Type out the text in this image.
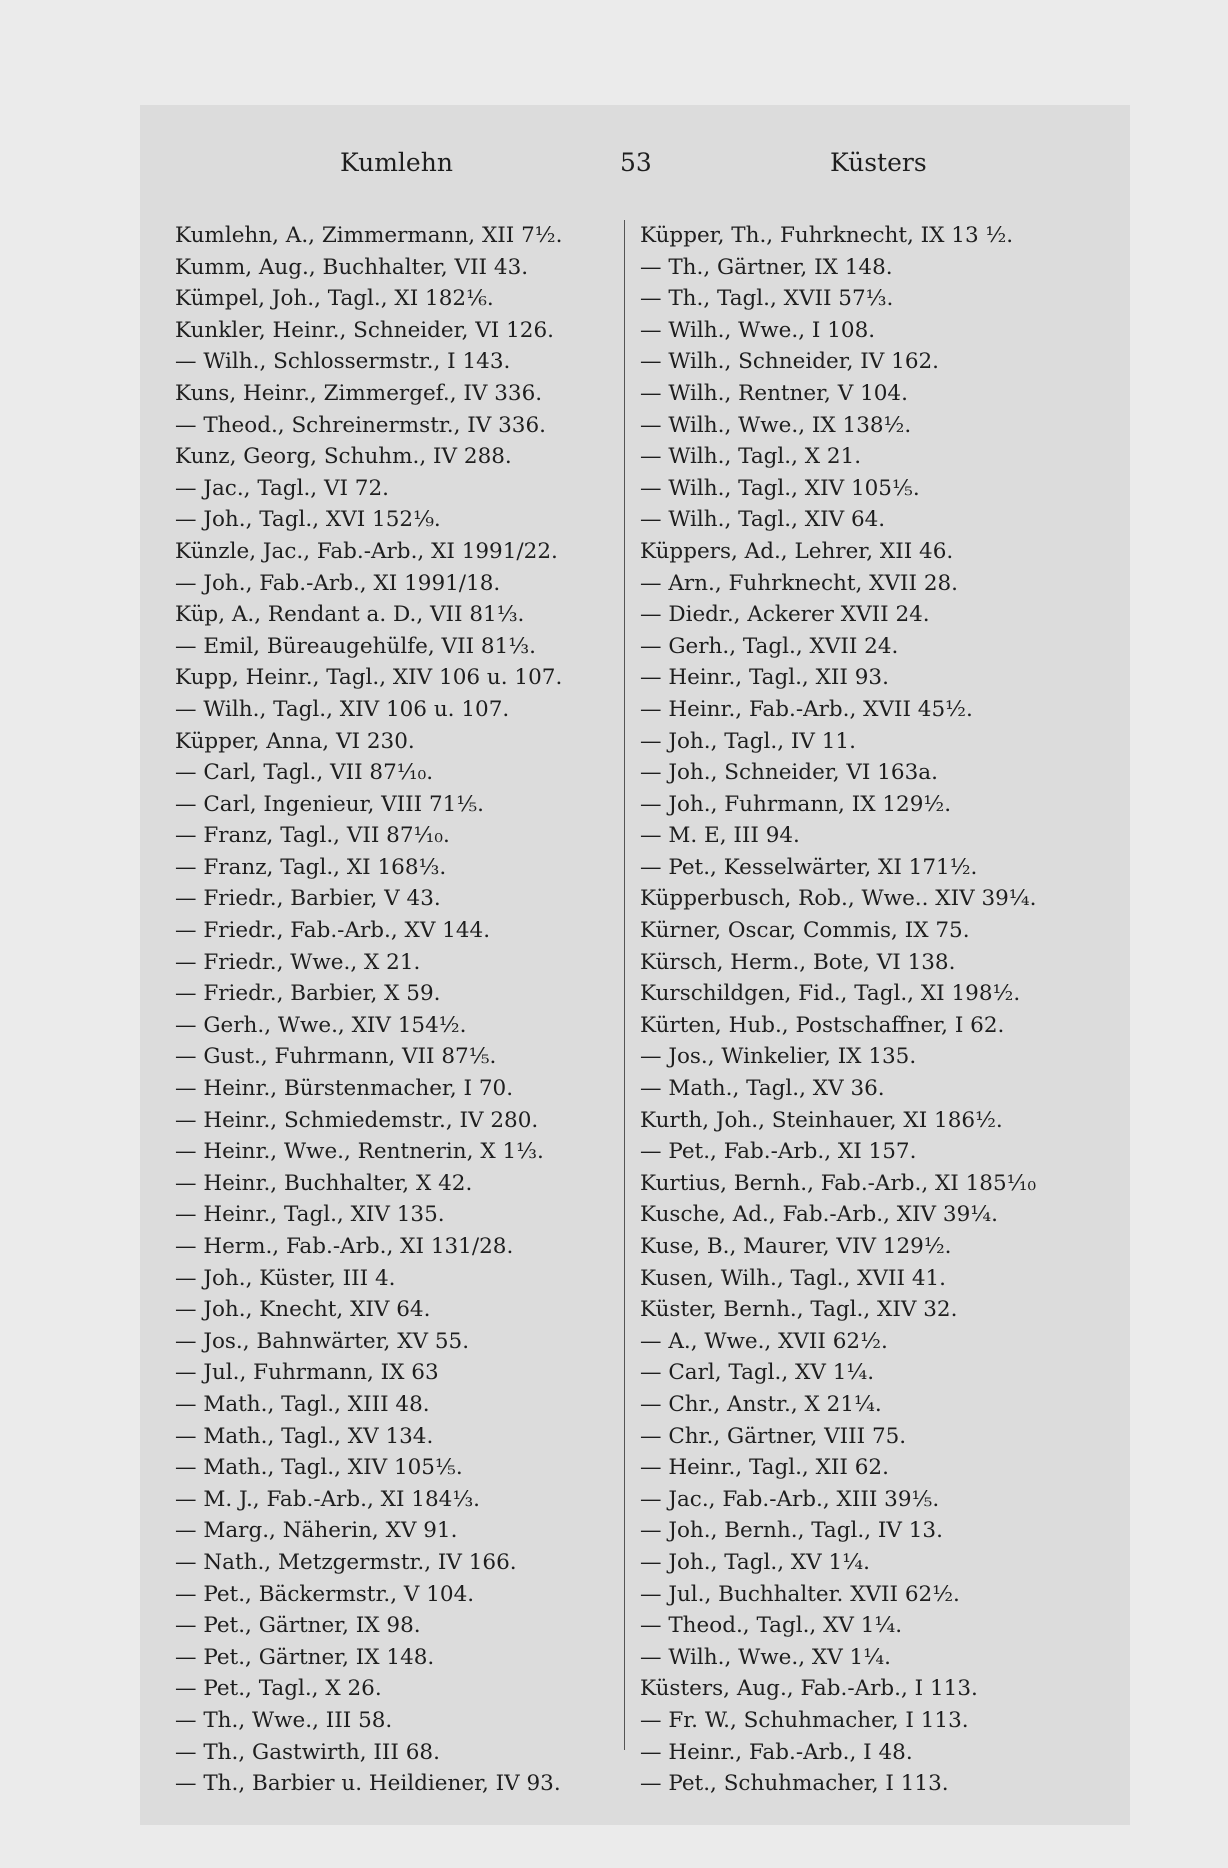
Kumlehn	53	Küsters
Kumlehn, A., Zimmermann, XII 7½.
Kumm, Aug., Buchhalter, VII 43.
Kümpel, Joh., Tagl., XI 182⅙.
Kunkler, Heinr., Schneider, VI 126.
— Wilh., Schlossermstr., I 143.
Kuns, Heinr., Zimmergef., IV 336.
— Theod., Schreinermstr., IV 336.
Kunz, Georg, Schuhm., IV 288.
— Jac., Tagl., VI 72.
— Joh., Tagl., XVI 152⅑.
Künzle, Jac., Fab.-Arb., XI 1991/22.
— Joh., Fab.-Arb., XI 1991/18.
Küp, A., Rendant a. D., VII 81⅓.
— Emil, Büreaugehülfe, VII 81⅓.
Kupp, Heinr., Tagl., XIV 106 u. 107.
— Wilh., Tagl., XIV 106 u. 107.
Küpper, Anna, VI 230.
— Carl, Tagl., VII 87⅒.
— Carl, Ingenieur, VIII 71⅕.
— Franz, Tagl., VII 87⅒.
— Franz, Tagl., XI 168⅓.
— Friedr., Barbier, V 43.
— Friedr., Fab.-Arb., XV 144.
— Friedr., Wwe., X 21.
— Friedr., Barbier, X 59.
— Gerh., Wwe., XIV 154½.
— Gust., Fuhrmann, VII 87⅕.
— Heinr., Bürstenmacher, I 70.
— Heinr., Schmiedemstr., IV 280.
— Heinr., Wwe., Rentnerin, X 1⅓.
— Heinr., Buchhalter, X 42.
— Heinr., Tagl., XIV 135.
— Herm., Fab.-Arb., XI 131/28.
— Joh., Küster, III 4.
— Joh., Knecht, XIV 64.
— Jos., Bahnwärter, XV 55.
— Jul., Fuhrmann, IX 63
— Math., Tagl., XIII 48.
— Math., Tagl., XV 134.
— Math., Tagl., XIV 105⅕.
— M. J., Fab.-Arb., XI 184⅓.
— Marg., Näherin, XV 91.
— Nath., Metzgermstr., IV 166.
— Pet., Bäckermstr., V 104.
— Pet., Gärtner, IX 98.
— Pet., Gärtner, IX 148.
— Pet., Tagl., X 26.
— Th., Wwe., III 58.
— Th., Gastwirth, III 68.
— Th., Barbier u. Heildiener, IV 93.
Küpper, Th., Fuhrknecht, IX 13 ½.
— Th., Gärtner, IX 148.
— Th., Tagl., XVII 57⅓.
— Wilh., Wwe., I 108.
— Wilh., Schneider, IV 162.
— Wilh., Rentner, V 104.
— Wilh., Wwe., IX 138½.
— Wilh., Tagl., X 21.
— Wilh., Tagl., XIV 105⅕.
— Wilh., Tagl., XIV 64.
Küppers, Ad., Lehrer, XII 46.
— Arn., Fuhrknecht, XVII 28.
— Diedr., Ackerer XVII 24.
— Gerh., Tagl., XVII 24.
— Heinr., Tagl., XII 93.
— Heinr., Fab.-Arb., XVII 45½.
— Joh., Tagl., IV 11.
— Joh., Schneider, VI 163a.
— Joh., Fuhrmann, IX 129½.
— M. E, III 94.
— Pet., Kesselwärter, XI 171½.
Küpperbusch, Rob., Wwe.. XIV 39¼.
Kürner, Oscar, Commis, IX 75.
Kürsch, Herm., Bote, VI 138.
Kurschildgen, Fid., Tagl., XI 198½.
Kürten, Hub., Postschaffner, I 62.
— Jos., Winkelier, IX 135.
— Math., Tagl., XV 36.
Kurth, Joh., Steinhauer, XI 186½.
— Pet., Fab.-Arb., XI 157.
Kurtius, Bernh., Fab.-Arb., XI 185⅒
Kusche, Ad., Fab.-Arb., XIV 39¼.
Kuse, B., Maurer, VIV 129½.
Kusen, Wilh., Tagl., XVII 41.
Küster, Bernh., Tagl., XIV 32.
— A., Wwe., XVII 62½.
— Carl, Tagl., XV 1¼.
— Chr., Anstr., X 21¼.
— Chr., Gärtner, VIII 75.
— Heinr., Tagl., XII 62.
— Jac., Fab.-Arb., XIII 39⅕.
— Joh., Bernh., Tagl., IV 13.
— Joh., Tagl., XV 1¼.
— Jul., Buchhalter. XVII 62½.
— Theod., Tagl., XV 1¼.
— Wilh., Wwe., XV 1¼.
Küsters, Aug., Fab.-Arb., I 113.
— Fr. W., Schuhmacher, I 113.
— Heinr., Fab.-Arb., I 48.
— Pet., Schuhmacher, I 113.
